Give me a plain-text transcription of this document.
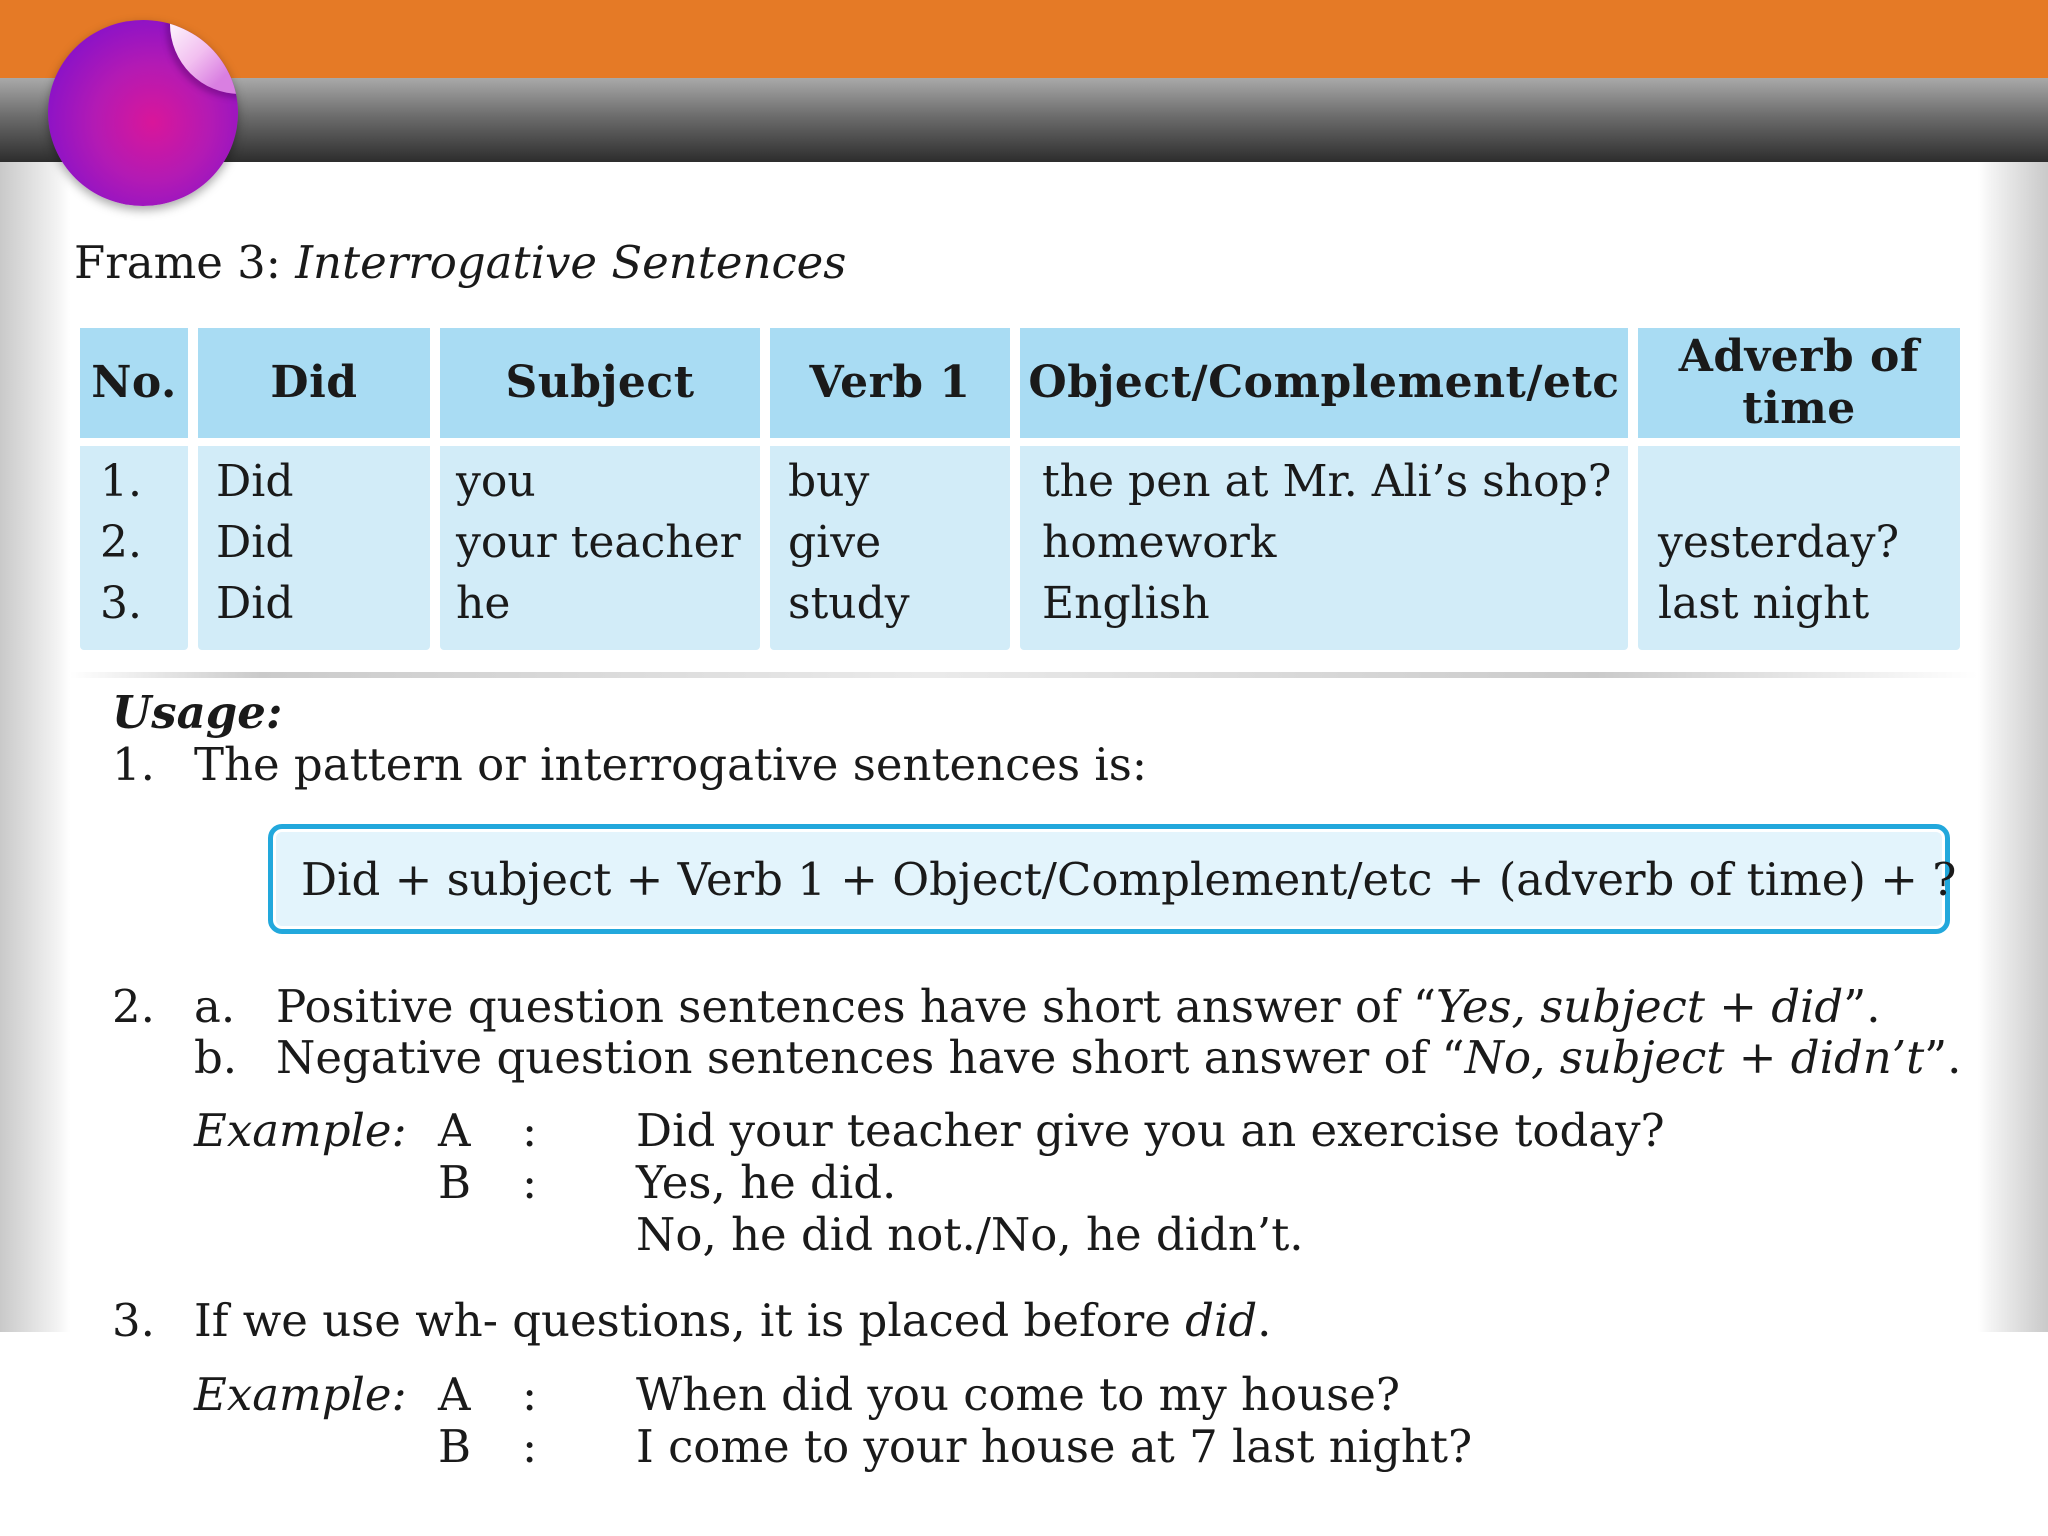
Frame 3: Interrogative Sentences
No.
1.
2.
3.
Did
Did
Did
Did
Subject
you
your teacher
he
Verb 1
buy
give
study
Object/Complement/etc
the pen at Mr. Ali’s shop?
homework
English
Adverb of
time
yesterday?
last night
Usage:
1. The pattern or interrogative sentences is:
Did + subject + Verb 1 + Object/Complement/etc + (adverb of time) + ?
2. a. Positive question sentences have short answer of “Yes, subject + did”.
b. Negative question sentences have short answer of “No, subject + didn’t”.
Example: A : Did your teacher give you an exercise today?
B : Yes, he did.
No, he did not./No, he didn’t.
3. If we use wh- questions, it is placed before did.
Example: A : When did you come to my house?
B : I come to your house at 7 last night?
